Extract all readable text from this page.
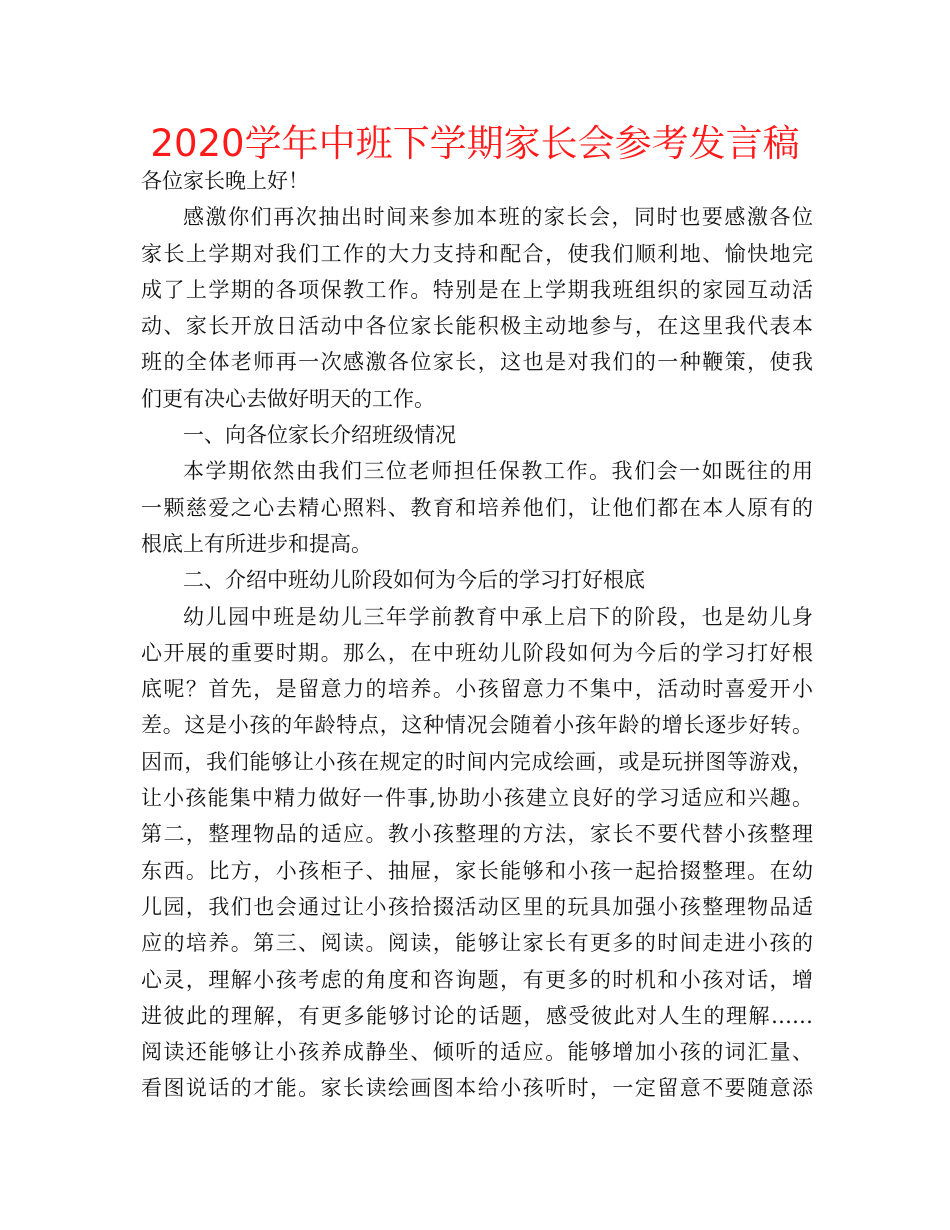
2020学年中班下学期家长会参考发言稿
各位家长晚上好！
感激你们再次抽出时间来参加本班的家长会，同时也要感激各位
家长上学期对我们工作的大力支持和配合，使我们顺利地、愉快地完
成了上学期的各项保教工作。特别是在上学期我班组织的家园互动活
动、家长开放日活动中各位家长能积极主动地参与，在这里我代表本
班的全体老师再一次感激各位家长，这也是对我们的一种鞭策，使我
们更有决心去做好明天的工作。
一、向各位家长介绍班级情况
本学期依然由我们三位老师担任保教工作。我们会一如既往的用
一颗慈爱之心去精心照料、教育和培养他们，让他们都在本人原有的
根底上有所进步和提高。
二、介绍中班幼儿阶段如何为今后的学习打好根底
幼儿园中班是幼儿三年学前教育中承上启下的阶段，也是幼儿身
心开展的重要时期。那么，在中班幼儿阶段如何为今后的学习打好根
底呢？首先，是留意力的培养。小孩留意力不集中，活动时喜爱开小
差。这是小孩的年龄特点，这种情况会随着小孩年龄的增长逐步好转。
因而，我们能够让小孩在规定的时间内完成绘画，或是玩拼图等游戏，
让小孩能集中精力做好一件事,协助小孩建立良好的学习适应和兴趣。
第二，整理物品的适应。教小孩整理的方法，家长不要代替小孩整理
东西。比方，小孩柜子、抽屉，家长能够和小孩一起拾掇整理。在幼
儿园，我们也会通过让小孩拾掇活动区里的玩具加强小孩整理物品适
应的培养。第三、阅读。阅读，能够让家长有更多的时间走进小孩的
心灵，理解小孩考虑的角度和咨询题，有更多的时机和小孩对话，增
进彼此的理解，有更多能够讨论的话题，感受彼此对人生的理解……
阅读还能够让小孩养成静坐、倾听的适应。能够增加小孩的词汇量、
看图说话的才能。家长读绘画图本给小孩听时，一定留意不要随意添
